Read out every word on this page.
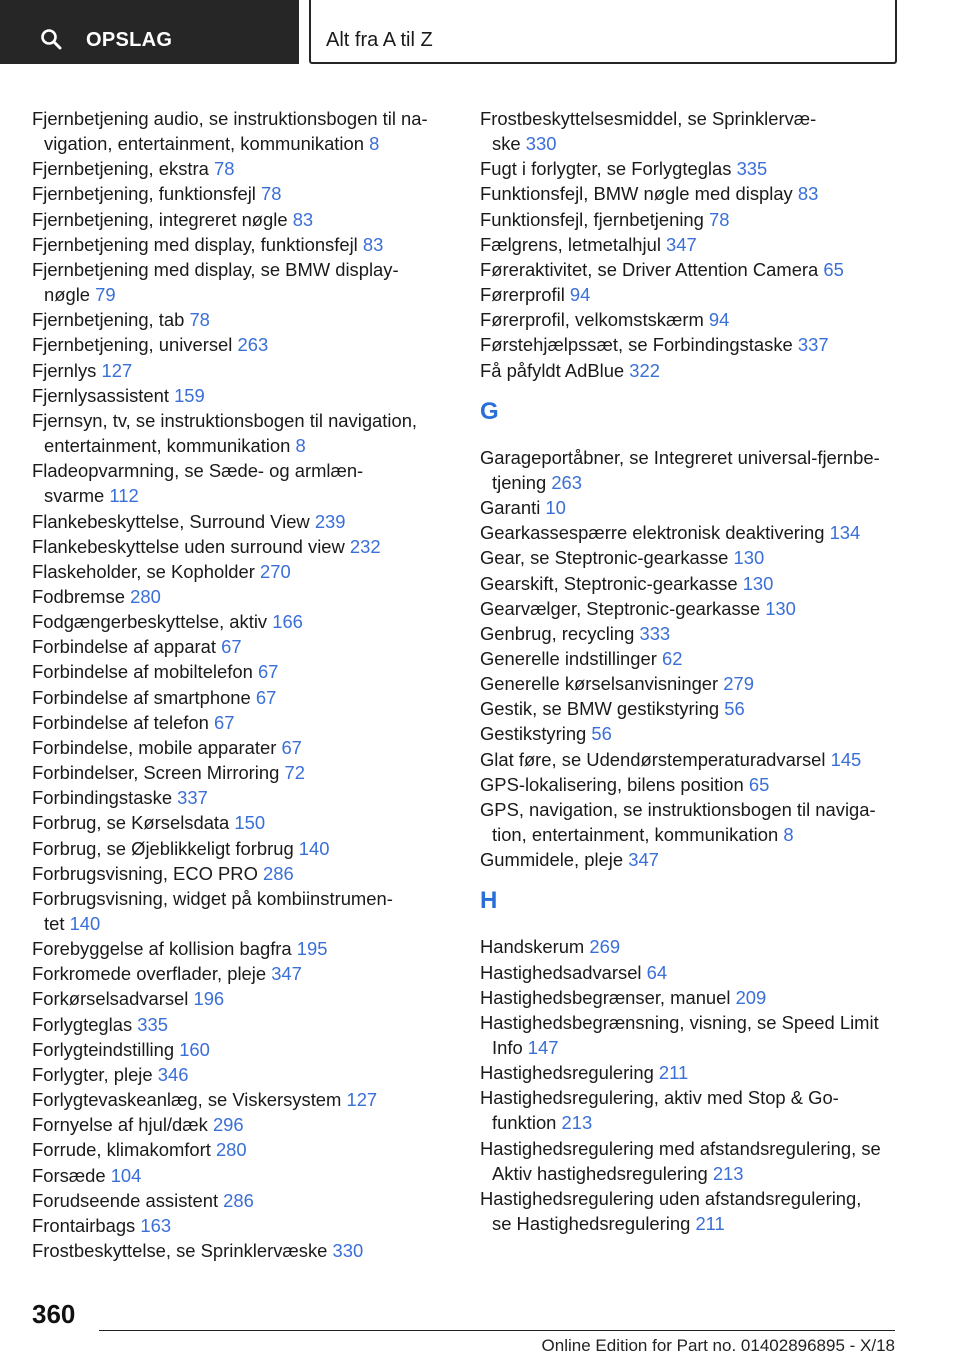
OPSLAG	Alt fra A til Z
Fjernbetjening audio, se instruktionsbogen til na-
vigation, entertainment, kommunikation 8
Fjernbetjening, ekstra 78
Fjernbetjening, funktionsfejl 78
Fjernbetjening, integreret nøgle 83
Fjernbetjening med display, funktionsfejl 83
Fjernbetjening med display, se BMW display-
nøgle 79
Fjernbetjening, tab 78
Fjernbetjening, universel 263
Fjernlys 127
Fjernlysassistent 159
Fjernsyn, tv, se instruktionsbogen til navigation,
entertainment, kommunikation 8
Fladeopvarmning, se Sæde- og armlæn-
svarme 112
Flankebeskyttelse, Surround View 239
Flankebeskyttelse uden surround view 232
Flaskeholder, se Kopholder 270
Fodbremse 280
Fodgængerbeskyttelse, aktiv 166
Forbindelse af apparat 67
Forbindelse af mobiltelefon 67
Forbindelse af smartphone 67
Forbindelse af telefon 67
Forbindelse, mobile apparater 67
Forbindelser, Screen Mirroring 72
Forbindingstaske 337
Forbrug, se Kørselsdata 150
Forbrug, se Øjeblikkeligt forbrug 140
Forbrugsvisning, ECO PRO 286
Forbrugsvisning, widget på kombiinstrumen-
tet 140
Forebyggelse af kollision bagfra 195
Forkromede overflader, pleje 347
Forkørselsadvarsel 196
Forlygteglas 335
Forlygteindstilling 160
Forlygter, pleje 346
Forlygtevaskeanlæg, se Viskersystem 127
Fornyelse af hjul/dæk 296
Forrude, klimakomfort 280
Forsæde 104
Forudseende assistent 286
Frontairbags 163
Frostbeskyttelse, se Sprinklervæske 330
Frostbeskyttelsesmiddel, se Sprinklervæ-
ske 330
Fugt i forlygter, se Forlygteglas 335
Funktionsfejl, BMW nøgle med display 83
Funktionsfejl, fjernbetjening 78
Fælgrens, letmetalhjul 347
Føreraktivitet, se Driver Attention Camera 65
Førerprofil 94
Førerprofil, velkomstskærm 94
Førstehjælpssæt, se Forbindingstaske 337
Få påfyldt AdBlue 322
G
Garageportåbner, se Integreret universal-fjernbe-
tjening 263
Garanti 10
Gearkassespærre elektronisk deaktivering 134
Gear, se Steptronic-gearkasse 130
Gearskift, Steptronic-gearkasse 130
Gearvælger, Steptronic-gearkasse 130
Genbrug, recycling 333
Generelle indstillinger 62
Generelle kørselsanvisninger 279
Gestik, se BMW gestikstyring 56
Gestikstyring 56
Glat føre, se Udendørstemperaturadvarsel 145
GPS-lokalisering, bilens position 65
GPS, navigation, se instruktionsbogen til naviga-
tion, entertainment, kommunikation 8
Gummidele, pleje 347
H
Handskerum 269
Hastighedsadvarsel 64
Hastighedsbegrænser, manuel 209
Hastighedsbegrænsning, visning, se Speed Limit
Info 147
Hastighedsregulering 211
Hastighedsregulering, aktiv med Stop & Go-
funktion 213
Hastighedsregulering med afstandsregulering, se
Aktiv hastighedsregulering 213
Hastighedsregulering uden afstandsregulering,
se Hastighedsregulering 211
360
Online Edition for Part no. 01402896895 - X/18
